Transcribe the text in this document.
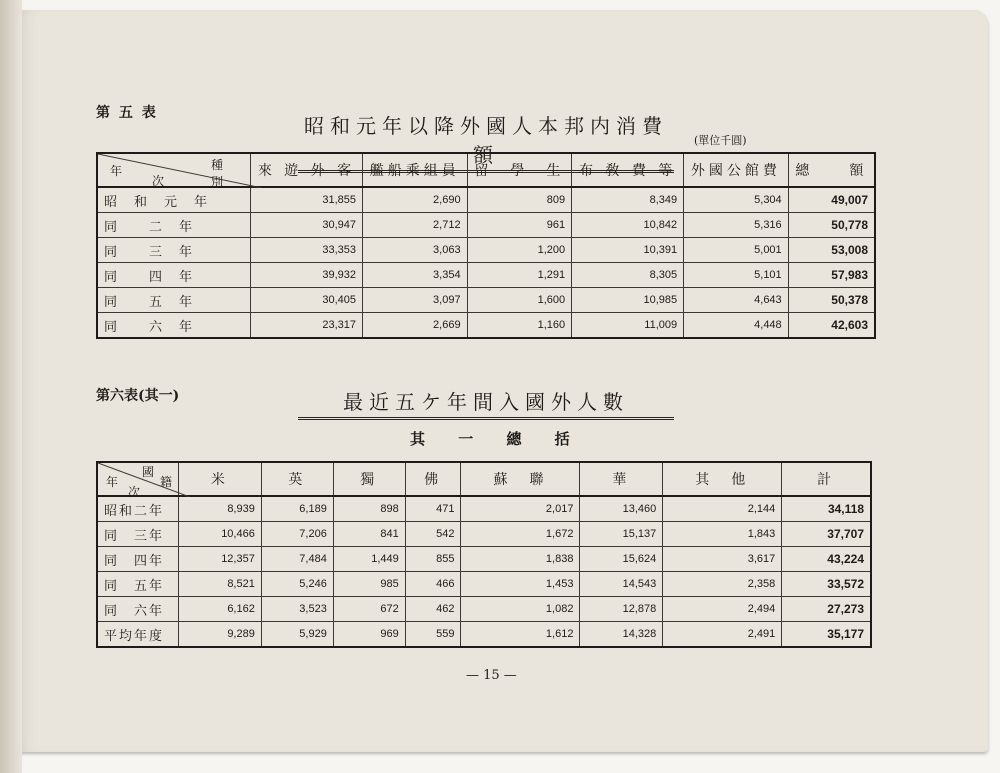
第 五 表
昭和元年以降外國人本邦内消費額
(單位千圓)
種　　別
年
次	來 遊 外 客	艦船乘組員	留　學　生	布 敎 費 等	外國公館費	總　　額
昭　和　元　年	31,855	2,690	809	8,349	5,304	49,007
同　　二　年	30,947	2,712	961	10,842	5,316	50,778
同　　三　年	33,353	3,063	1,200	10,391	5,001	53,008
同　　四　年	39,932	3,354	1,291	8,305	5,101	57,983
同　　五　年	30,405	3,097	1,600	10,985	4,643	50,378
同　　六　年	23,317	2,669	1,160	11,009	4,448	42,603
第六表(其一)	最近五ケ年間入國外人數
其 一 總 括
國
籍
年
次	米	英	獨	佛	蘇　聯	華	其　他	計
昭和二年	8,939	6,189	898	471	2,017	13,460	2,144	34,118
同　三年	10,466	7,206	841	542	1,672	15,137	1,843	37,707
同　四年	12,357	7,484	1,449	855	1,838	15,624	3,617	43,224
同　五年	8,521	5,246	985	466	1,453	14,543	2,358	33,572
同　六年	6,162	3,523	672	462	1,082	12,878	2,494	27,273
平均年度	9,289	5,929	969	559	1,612	14,328	2,491	35,177
— 15 —
